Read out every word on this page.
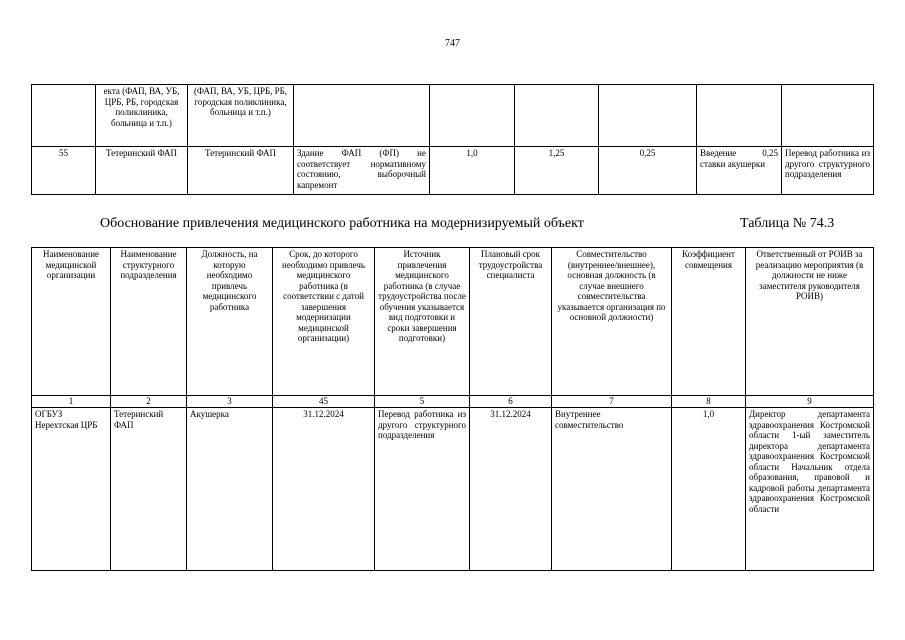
747
	екта (ФАП, ВА, УБ, ЦРБ, РБ, городская поликлиника, больница и т.п.)	(ФАП, ВА, УБ, ЦРБ, РБ, городская поликлиника, больница и т.п.)						
55	Тетеринский ФАП	Тетеринский ФАП	Здание ФАП (ФП) не соответствует нормативному состоянию, выборочный капремонт	1,0	1,25	0,25	Введение 0,25 ставки акушерки	Перевод работника из другого структурного подразделения
Обоснование привлечения медицинского работника на модернизируемый объект	Таблица № 74.3
Наименование медицинской организации	Наименование структурного подразделения	Должность, на которую необходимо привлечь медицинского работника	Срок, до которого необходимо привлечь медицинского работника (в соответствии с датой завершения модернизации медицинской организации)	Источник привлечения медицинского работника (в случае трудоустройства после обучения указывается вид подготовки и сроки завершения подготовки)	Плановый срок трудоустройства специалиста	Совместительство (внутреннее/внешнее), основная должность (в случае внешнего совместительства указывается организация по основной должности)	Коэффициент совмещения	Ответственный от РОИВ за реализацию мероприятия (в должности не ниже заместителя руководителя РОИВ)
1	2	3	45	5	6	7	8	9
ОГБУЗ Нерехтская ЦРБ	Тетеринский ФАП	Акушерка	31.12.2024	Перевод работника из другого структурного подразделения	31.12.2024	Внутреннее совместительство	1,0	Директор департамента здравоохранения Костромской области 1-ый заместитель директора департамента здравоохранения Костромской области Начальник отдела образования, правовой и кадровой работы департамента здравоохранения Костромской области
